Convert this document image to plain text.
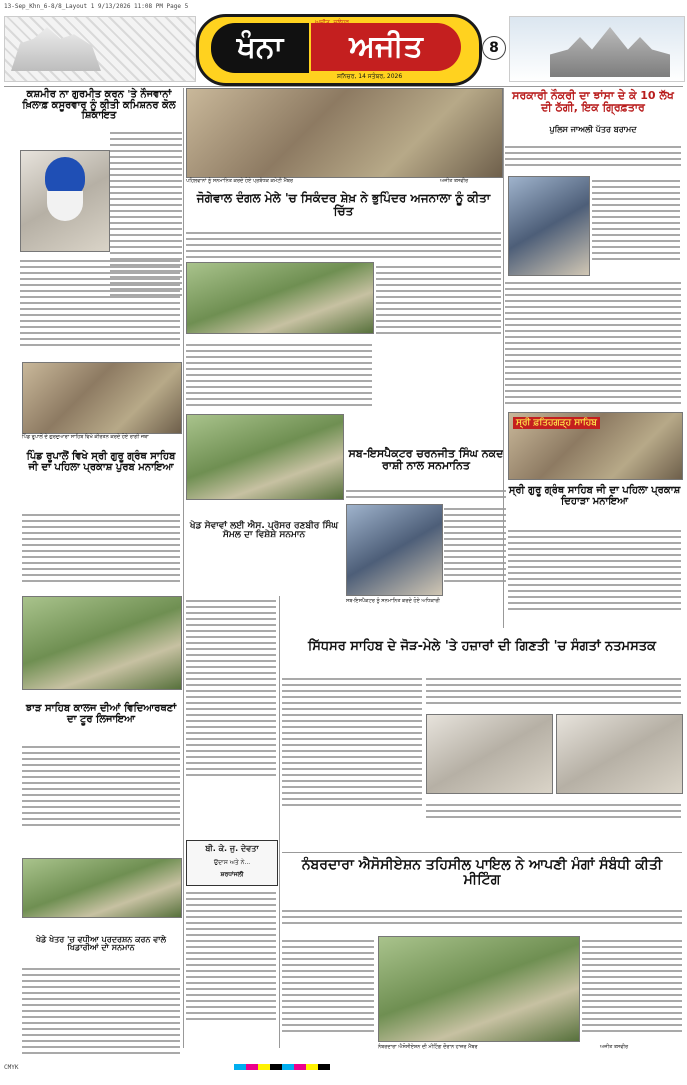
13-Sep_Khn_6-8/8_Layout 1 9/13/2026 11:08 PM Page 5
ਖੰਨਾ	ਅਜੀਤ
ਸ਼ਨਿਚਰ, 14 ਸਤੰਬਰ, 2026
8
ਕਸ਼ਮੀਰ ਨਾ ਗੁਰਮੀਤ ਕਰਨ 'ਤੇ ਨੌਜਵਾਨਾਂ ਖ਼ਿਲਾਫ਼ ਕਸੂਰਵਾਰ ਨੂੰ ਕੀਤੀ ਕਮਿਸ਼ਨਰ ਕੋਲ ਸ਼ਿਕਾਇਤ
ਪਹਿਲਵਾਨਾਂ ਨੂੰ ਸਨਮਾਨਿਤ ਕਰਦੇ ਹੋਏ ਪ੍ਰਬੰਧਕ ਕਮੇਟੀ ਮੈਂਬਰ	ਅਜੀਤ ਤਸਵੀਰ
ਜੋਗੇਵਾਲ ਦੰਗਲ ਮੇਲੇ 'ਚ ਸਿਕੰਦਰ ਸ਼ੇਖ਼ ਨੇ ਭੁਪਿੰਦਰ ਅਜਨਾਲਾ ਨੂੰ ਕੀਤਾ ਚਿੱਤ
ਸਰਕਾਰੀ ਨੌਕਰੀ ਦਾ ਝਾਂਸਾ ਦੇ ਕੇ 10 ਲੱਖ ਦੀ ਠੱਗੀ, ਇਕ ਗ੍ਰਿਫ਼ਤਾਰ
ਪੁਲਿਸ ਜਾਅਲੀ ਪੱਤਰ ਬਰਾਮਦ
ਪਿੰਡ ਰੂਪਾਲੋਂ ਦੇ ਗੁਰਦੁਆਰਾ ਸਾਹਿਬ ਵਿਖੇ ਕੀਰਤਨ ਕਰਦੇ ਹੋਏ ਰਾਗੀ ਜਥਾ
ਪਿੰਡ ਰੂਪਾਲੋਂ ਵਿਖੇ ਸ੍ਰੀ ਗੁਰੂ ਗ੍ਰੰਥ ਸਾਹਿਬ ਜੀ ਦਾ ਪਹਿਲਾ ਪ੍ਰਕਾਸ਼ ਪੁਰਬ ਮਨਾਇਆ
ਖੇਡ ਸੇਵਾਵਾਂ ਲਈ ਐਸ. ਪ੍ਰੋਸਰ ਰਣਬੀਰ ਸਿੰਘ ਸੋਮਲ ਦਾ ਵਿਸ਼ੇਸ਼ ਸਨਮਾਨ
ਸਬ-ਇਸਪੈਕਟਰ ਚਰਨਜੀਤ ਸਿੰਘ ਨਕਦ ਰਾਸ਼ੀ ਨਾਲ ਸਨਮਾਨਿਤ
ਸਬ-ਇਸਪੈਕਟਰ ਨੂੰ ਸਨਮਾਨਿਤ ਕਰਦੇ ਹੋਏ ਅਧਿਕਾਰੀ
ਸ੍ਰੀ ਫ਼ਤਿਹਗੜ੍ਹ ਸਾਹਿਬ
ਸ੍ਰੀ ਗੁਰੂ ਗ੍ਰੰਥ ਸਾਹਿਬ ਜੀ ਦਾ ਪਹਿਲਾ ਪ੍ਰਕਾਸ਼ ਦਿਹਾੜਾ ਮਨਾਇਆ
ਝਾੜ ਸਾਹਿਬ ਕਾਲਜ ਦੀਆਂ ਵਿਦਿਆਰਥਣਾਂ ਦਾ ਟੂਰ ਲਿਜਾਇਆ
ਸਿੱਧਸਰ ਸਾਹਿਬ ਦੇ ਜੋੜ-ਮੇਲੇ 'ਤੇ ਹਜ਼ਾਰਾਂ ਦੀ ਗਿਣਤੀ 'ਚ ਸੰਗਤਾਂ ਨਤਮਸਤਕ
ਬੀ. ਕੇ. ਜੁ. ਦੇਵਤਾ
ਉਦਾਸ ਅਤੇ ਨੇ...
ਸ਼ਰਧਾਂਜਲੀ
ਖੇਡੇ ਖੇਤਰ 'ਚ ਵਧੀਆ ਪ੍ਰਦਰਸ਼ਨ ਕਰਨ ਵਾਲੇ ਖਿਡਾਰੀਆਂ ਦਾ ਸਨਮਾਨ
ਨੰਬਰਦਾਰਾ ਐਸੋਸੀਏਸ਼ਨ ਤਹਿਸੀਲ ਪਾਇਲ ਨੇ ਆਪਣੀ ਮੰਗਾਂ ਸੰਬੰਧੀ ਕੀਤੀ ਮੀਟਿੰਗ
ਨੰਬਰਦਾਰਾ ਐਸੋਸੀਏਸ਼ਨ ਦੀ ਮੀਟਿੰਗ ਦੌਰਾਨ ਹਾਜ਼ਰ ਮੈਂਬਰ	ਅਜੀਤ ਤਸਵੀਰ
CMYK
